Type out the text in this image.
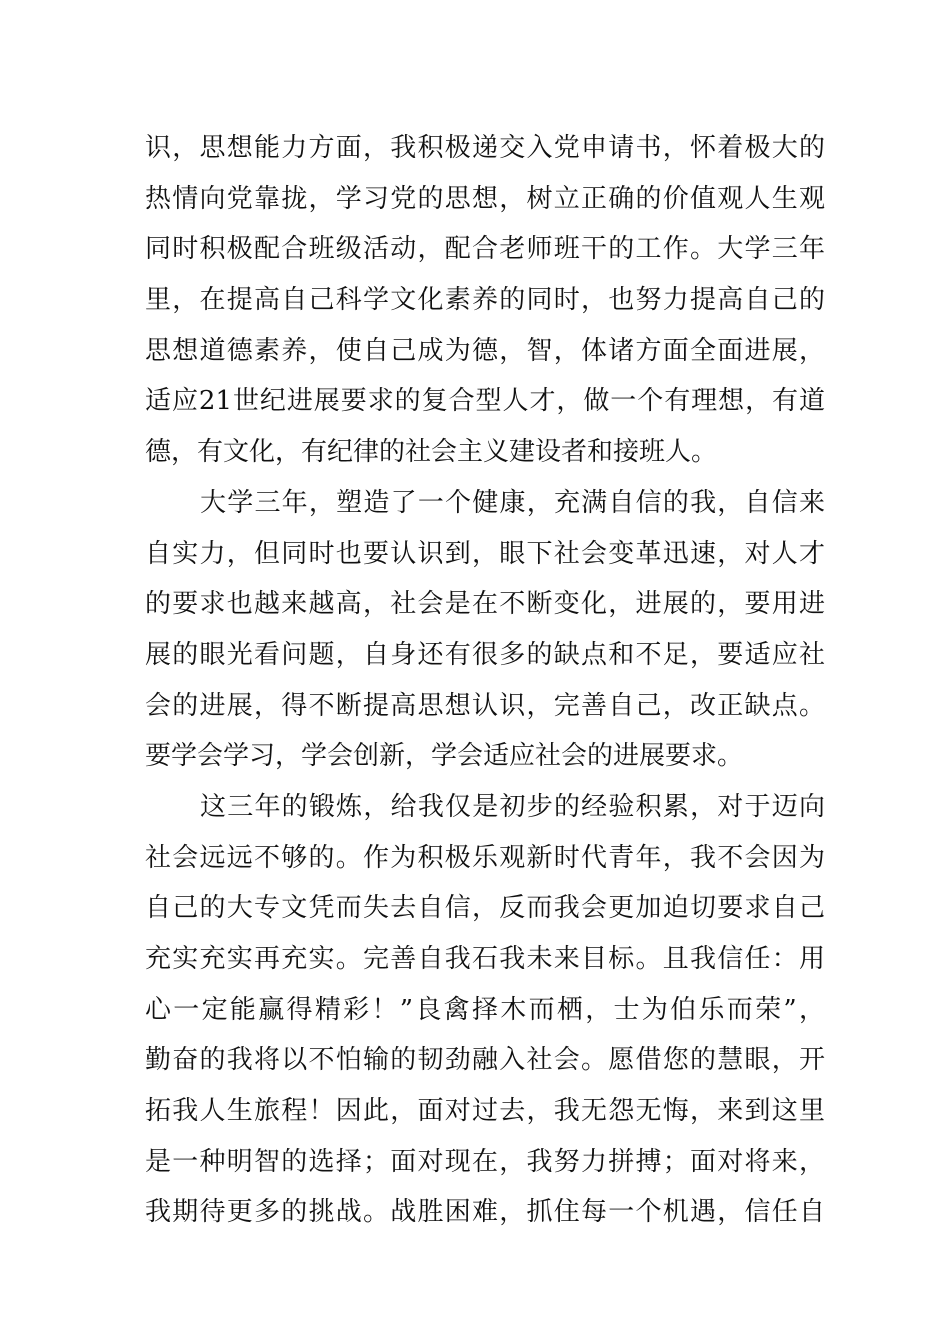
识，思想能力方面，我积极递交入党申请书，怀着极大的
热情向党靠拢，学习党的思想，树立正确的价值观人生观
同时积极配合班级活动，配合老师班干的工作。大学三年
里，在提高自己科学文化素养的同时，也努力提高自己的
思想道德素养，使自己成为德，智，体诸方面全面进展，
适应21世纪进展要求的复合型人才，做一个有理想，有道
德，有文化，有纪律的社会主义建设者和接班人。
大学三年，塑造了一个健康，充满自信的我，自信来
自实力，但同时也要认识到，眼下社会变革迅速，对人才
的要求也越来越高，社会是在不断变化，进展的，要用进
展的眼光看问题，自身还有很多的缺点和不足，要适应社
会的进展，得不断提高思想认识，完善自己，改正缺点。
要学会学习，学会创新，学会适应社会的进展要求。
这三年的锻炼，给我仅是初步的经验积累，对于迈向
社会远远不够的。作为积极乐观新时代青年，我不会因为
自己的大专文凭而失去自信，反而我会更加迫切要求自己
充实充实再充实。完善自我石我未来目标。且我信任：用
心一定能赢得精彩！”良禽择木而栖，士为伯乐而荣”，
勤奋的我将以不怕输的韧劲融入社会。愿借您的慧眼，开
拓我人生旅程！因此，面对过去，我无怨无悔，来到这里
是一种明智的选择；面对现在，我努力拼搏；面对将来，
我期待更多的挑战。战胜困难，抓住每一个机遇，信任自
